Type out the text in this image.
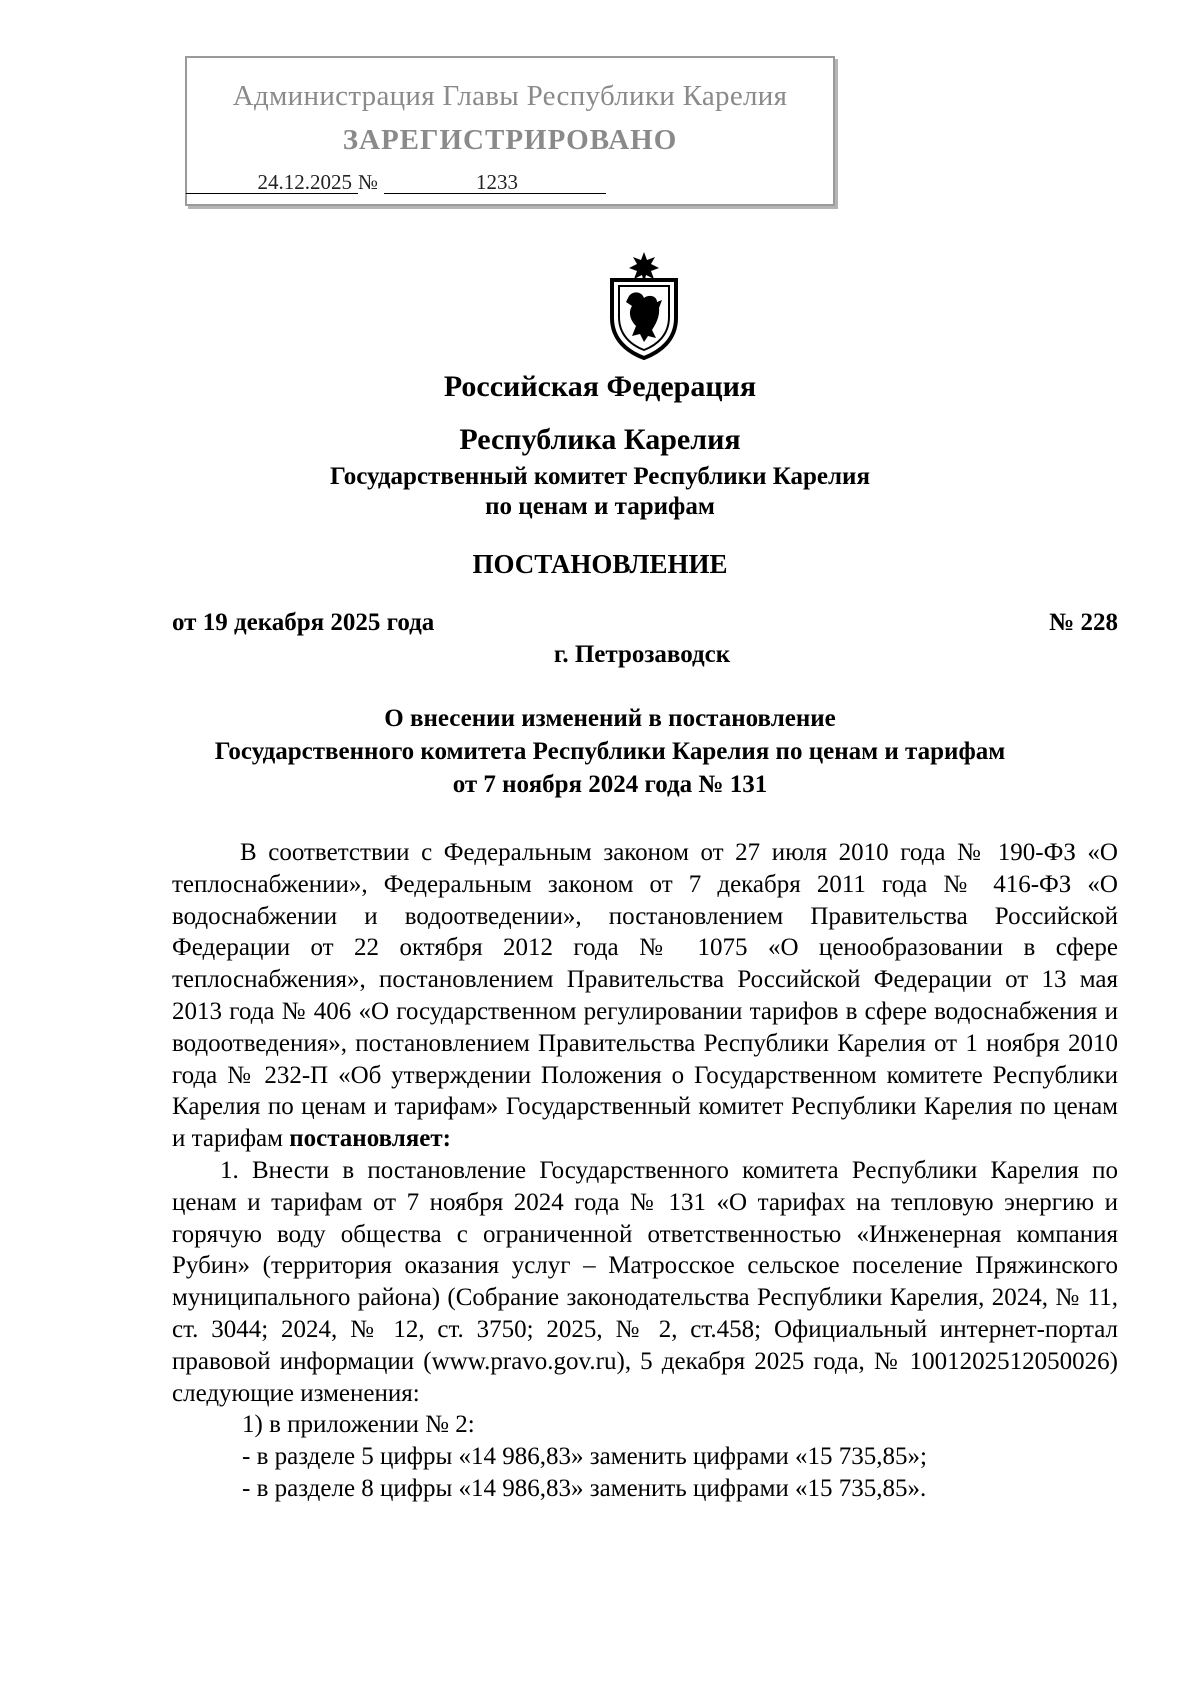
Администрация Главы Республики Карелия
ЗАРЕГИСТРИРОВАНО
24.12.2025 №	1233
Российская Федерация
Республика Карелия
Государственный комитет Республики Карелия
по ценам и тарифам
ПОСТАНОВЛЕНИЕ
от 19 декабря 2025 года	№ 228
г. Петрозаводск
О внесении изменений в постановление
Государственного комитета Республики Карелия по ценам и тарифам
от 7 ноября 2024 года № 131

В соответствии с Федеральным законом от 27 июля 2010 года № 190-ФЗ «О теплоснабжении», Федеральным законом от 7 декабря 2011 года № 416-ФЗ «О водоснабжении и водоотведении», постановлением Правительства Российской Федерации от 22 октября 2012 года № 1075 «О ценообразовании в сфере теплоснабжения», постановлением Правительства Российской Федерации от 13 мая 2013 года № 406 «О государственном регулировании тарифов в сфере водоснабжения и водоотведения», постановлением Правительства Республики Карелия от 1 ноября 2010 года № 232-П «Об утверждении Положения о Государственном комитете Республики Карелия по ценам и тарифам» Государственный комитет Республики Карелия по ценам и тарифам постановляет:

1. Внести в постановление Государственного комитета Республики Карелия по ценам и тарифам от 7 ноября 2024 года № 131 «О тарифах на тепловую энергию и горячую воду общества с ограниченной ответственностью «Инженерная компания Рубин» (территория оказания услуг – Матросское сельское поселение Пряжинского муниципального района) (Собрание законодательства Республики Карелия, 2024, № 11, ст. 3044; 2024, № 12, ст. 3750; 2025, № 2, ст.458; Официальный интернет-портал правовой информации (www.pravo.gov.ru), 5 декабря 2025 года, № 1001202512050026) следующие изменения:

1) в приложении № 2:

- в разделе 5 цифры «14 986,83» заменить цифрами «15 735,85»;

- в разделе 8 цифры «14 986,83» заменить цифрами «15 735,85».
